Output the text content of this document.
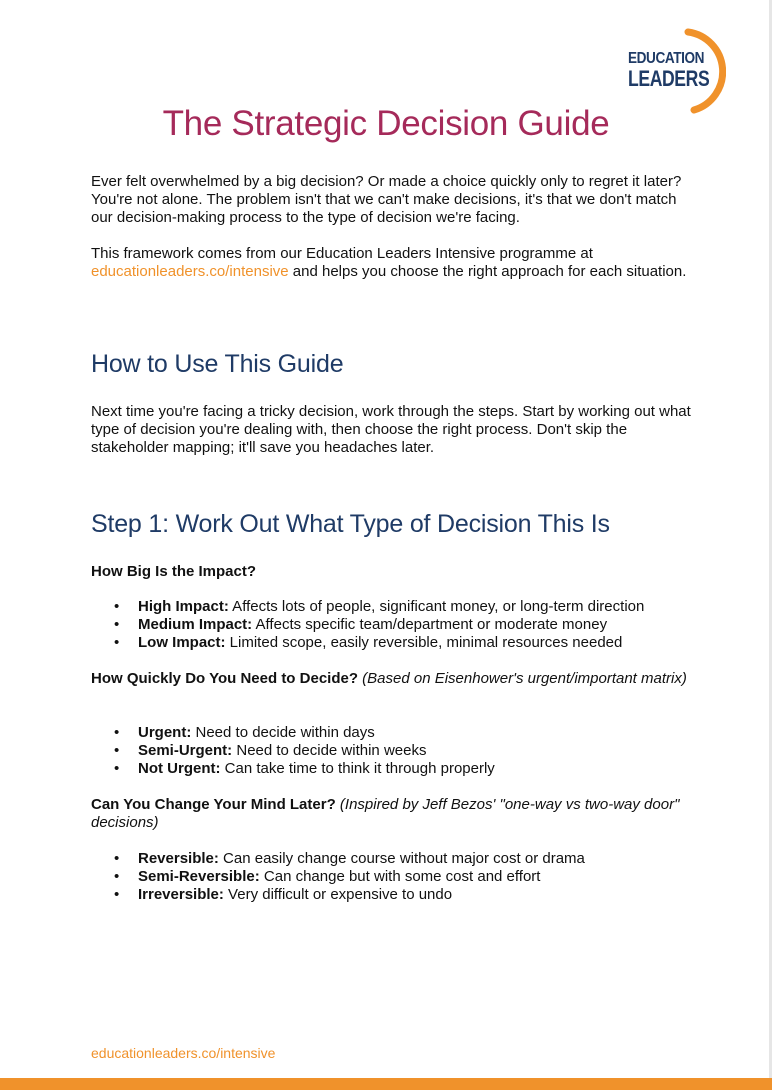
EDUCATION
LEADERS
The Strategic Decision Guide

Ever felt overwhelmed by a big decision? Or made a choice quickly only to regret it later? You're not alone. The problem isn't that we can't make decisions, it's that we don't match our decision-making process to the type of decision we're facing.

This framework comes from our Education Leaders Intensive programme at educationleaders.co/intensive and helps you choose the right approach for each situation.

How to Use This Guide

Next time you're facing a tricky decision, work through the steps. Start by working out what type of decision you're dealing with, then choose the right process. Don't skip the stakeholder mapping; it'll save you headaches later.

Step 1: Work Out What Type of Decision This Is

How Big Is the Impact?

• High Impact: Affects lots of people, significant money, or long-term direction
• Medium Impact: Affects specific team/department or moderate money
• Low Impact: Limited scope, easily reversible, minimal resources needed

How Quickly Do You Need to Decide? (Based on Eisenhower's urgent/important matrix)

• Urgent: Need to decide within days
• Semi-Urgent: Need to decide within weeks
• Not Urgent: Can take time to think it through properly

Can You Change Your Mind Later? (Inspired by Jeff Bezos' "one-way vs two-way door" decisions)

• Reversible: Can easily change course without major cost or drama
• Semi-Reversible: Can change but with some cost and effort
• Irreversible: Very difficult or expensive to undo

educationleaders.co/intensive
